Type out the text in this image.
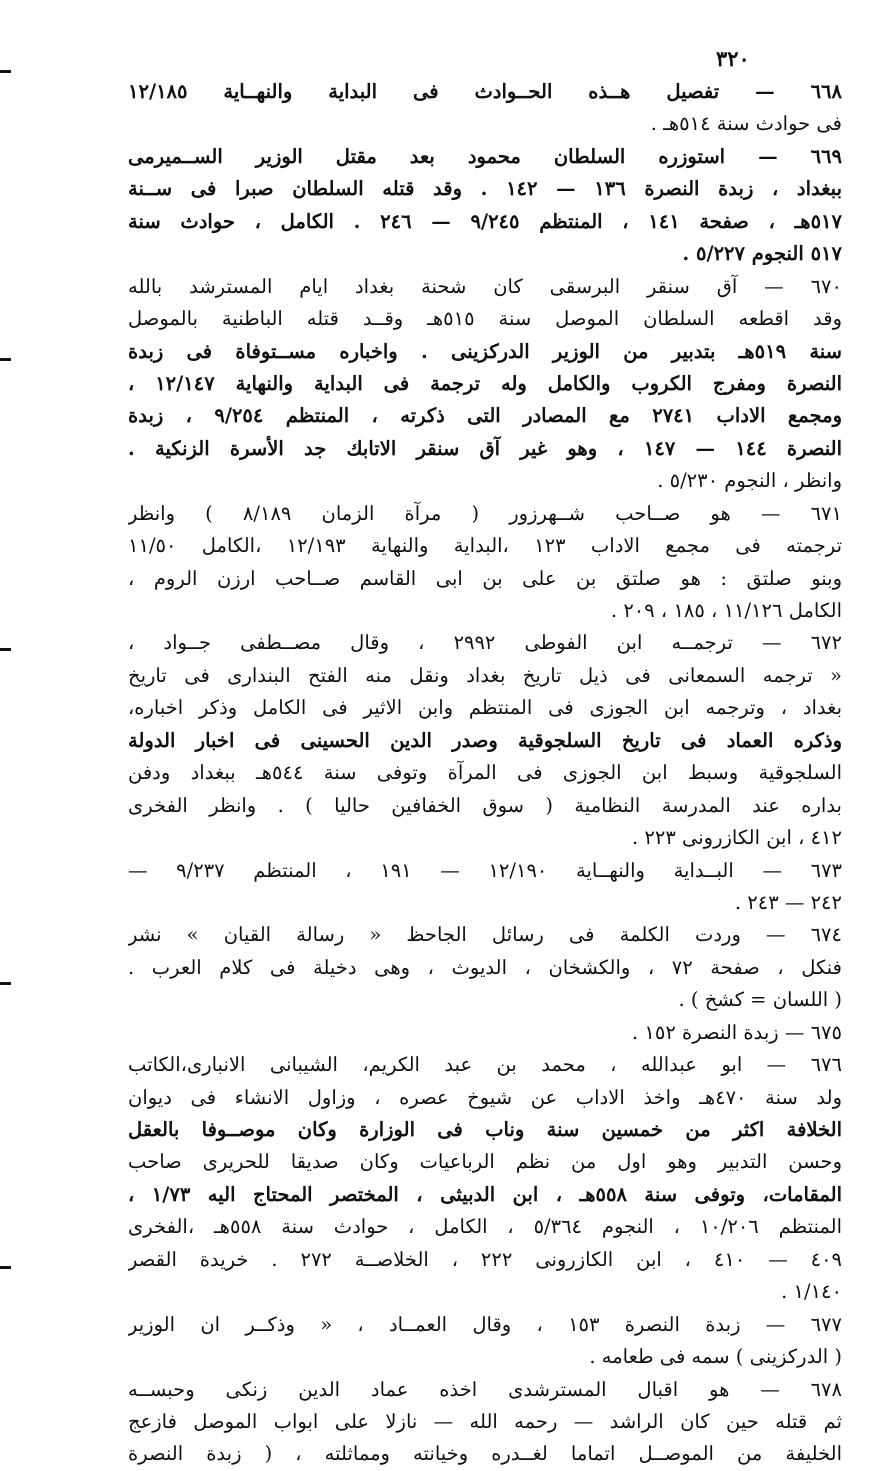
٣٢٠
٦٦٨ — تفصيل هــذه الحــوادث فى البداية والنهــاية ١٢/١٨٥
فى حوادث سنة ٥١٤هـ .
٦٦٩ — استوزره السلطان محمود بعد مقتل الوزير الســميرمى
ببغداد ، زبدة النصرة ١٣٦ — ١٤٢ . وقد قتله السلطان صبرا فى ســنة
٥١٧هـ ، صفحة ١٤١ ، المنتظم ٩/٢٤٥ — ٢٤٦ . الكامل ، حوادث سنة
٥١٧ النجوم ٥/٢٢٧ .
٦٧٠ — آق سنقر البرسقى كان شحنة بغداد ايام المسترشد بالله
وقد اقطعه السلطان الموصل سنة ٥١٥هـ وقــد قتله الباطنية بالموصل
سنة ٥١٩هـ بتدبير من الوزير الدركزينى . واخباره مســتوفاة فى زبدة
النصرة ومفرج الكروب والكامل وله ترجمة فى البداية والنهاية ١٢/١٤٧ ،
ومجمع الاداب ٢٧٤١ مع المصادر التى ذكرته ، المنتظم ٩/٢٥٤ ، زبدة
النصرة ١٤٤ — ١٤٧ ، وهو غير آق سنقر الاتابك جد الأسرة الزنكية .
وانظر ، النجوم ٥/٢٣٠ .
٦٧١ — هو صــاحب شــهرزور ( مرآة الزمان ٨/١٨٩ ) وانظر
ترجمته فى مجمع الاداب ١٢٣ ،البداية والنهاية ١٢/١٩٣ ،الكامل ١١/٥٠
وبنو صلتق : هو صلتق بن على بن ابى القاسم صــاحب ارزن الروم ،
الكامل ١١/١٢٦ ، ١٨٥ ، ٢٠٩ .
٦٧٢ — ترجمــه ابن الفوطى ٢٩٩٢ ، وقال مصــطفى جــواد ،
« ترجمه السمعانى فى ذيل تاريخ بغداد ونقل منه الفتح البندارى فى تاريخ
بغداد ، وترجمه ابن الجوزى فى المنتظم وابن الاثير فى الكامل وذكر اخباره،
وذكره العماد فى تاريخ السلجوقية وصدر الدين الحسينى فى اخبار الدولة
السلجوقية وسبط ابن الجوزى فى المرآة وتوفى سنة ٥٤٤هـ ببغداد ودفن
بداره عند المدرسة النظامية ( سوق الخفافين حاليا ) . وانظر الفخرى
٤١٢ ، ابن الكازرونى ٢٢٣ .
٦٧٣ — البــداية والنهــاية ١٢/١٩٠ — ١٩١ ، المنتظم ٩/٢٣٧ —
٢٤٢ — ٢٤٣ .
٦٧٤ — وردت الكلمة فى رسائل الجاحظ « رسالة القيان » نشر
فنكل ، صفحة ٧٢ ، والكشخان ، الديوث ، وهى دخيلة فى كلام العرب .
( اللسان = كشخ ) .
٦٧٥ — زبدة النصرة ١٥٢ .
٦٧٦ — ابو عبدالله ، محمد بن عبد الكريم، الشيبانى الانبارى،الكاتب
ولد سنة ٤٧٠هـ واخذ الاداب عن شيوخ عصره ، وزاول الانشاء فى ديوان
الخلافة اكثر من خمسين سنة وناب فى الوزارة وكان موصــوفا بالعقل
وحسن التدبير وهو اول من نظم الرباعيات وكان صديقا للحريرى صاحب
المقامات، وتوفى سنة ٥٥٨هـ ، ابن الدبيثى ، المختصر المحتاج اليه ١/٧٣ ،
المنتظم ١٠/٢٠٦ ، النجوم ٥/٣٦٤ ، الكامل ، حوادث سنة ٥٥٨هـ ،الفخرى
٤٠٩ — ٤١٠ ، ابن الكازرونى ٢٢٢ ، الخلاصــة ٢٧٢ . خريدة القصر
١/١٤٠ .
٦٧٧ — زبدة النصرة ١٥٣ ، وقال العمــاد ، « وذكــر ان الوزير
( الدركزينى ) سمه فى طعامه .
٦٧٨ — هو اقبال المسترشدى اخذه عماد الدين زنكى وحبســه
ثم قتله حين كان الراشد — رحمه الله — نازلا على ابواب الموصل فازعج
الخليفة من الموصــل اتماما لغــدره وخيانته ومماثلته ، ( زبدة النصرة
